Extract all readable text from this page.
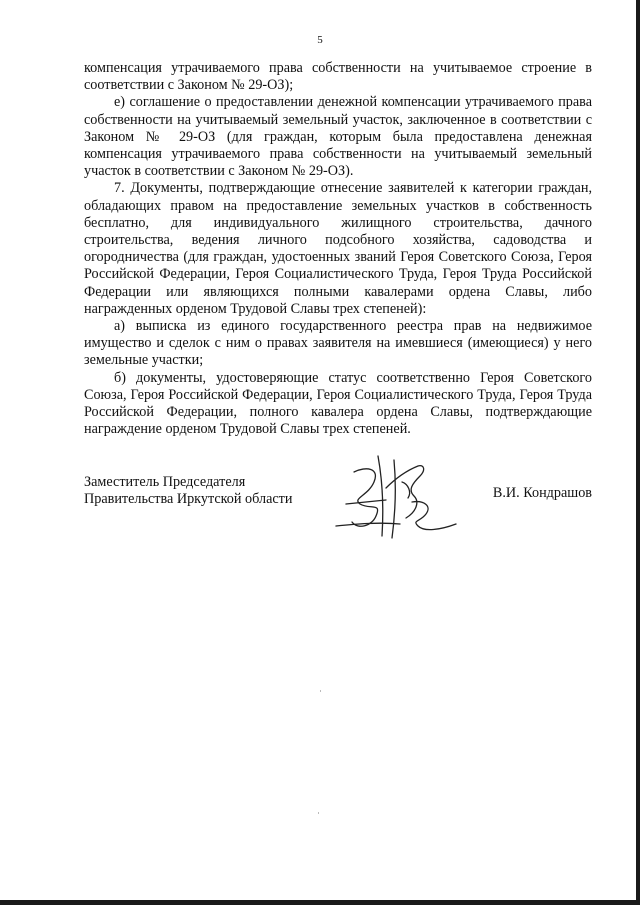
5

компенсация утрачиваемого права собственности на учитываемое строение в соответствии с Законом № 29-ОЗ);

е) соглашение о предоставлении денежной компенсации утрачиваемого права собственности на учитываемый земельный участок, заключенное в соответствии с Законом № 29-ОЗ (для граждан, которым была предоставлена денежная компенсация утрачиваемого права собственности на учитываемый земельный участок в соответствии с Законом № 29-ОЗ).

7. Документы, подтверждающие отнесение заявителей к категории граждан, обладающих правом на предоставление земельных участков в собственность бесплатно, для индивидуального жилищного строительства, дачного строительства, ведения личного подсобного хозяйства, садоводства и огородничества (для граждан, удостоенных званий Героя Советского Союза, Героя Российской Федерации, Героя Социалистического Труда, Героя Труда Российской Федерации или являющихся полными кавалерами ордена Славы, либо награжденных орденом Трудовой Славы трех степеней):

а) выписка из единого государственного реестра прав на недвижимое имущество и сделок с ним о правах заявителя на имевшиеся (имеющиеся) у него земельные участки;

б) документы, удостоверяющие статус соответственно Героя Советского Союза, Героя Российской Федерации, Героя Социалистического Труда, Героя Труда Российской Федерации, полного кавалера ордена Славы, подтверждающие награждение орденом Трудовой Славы трех степеней.

Заместитель Председателя
Правительства Иркутской области	В.И. Кондрашов
